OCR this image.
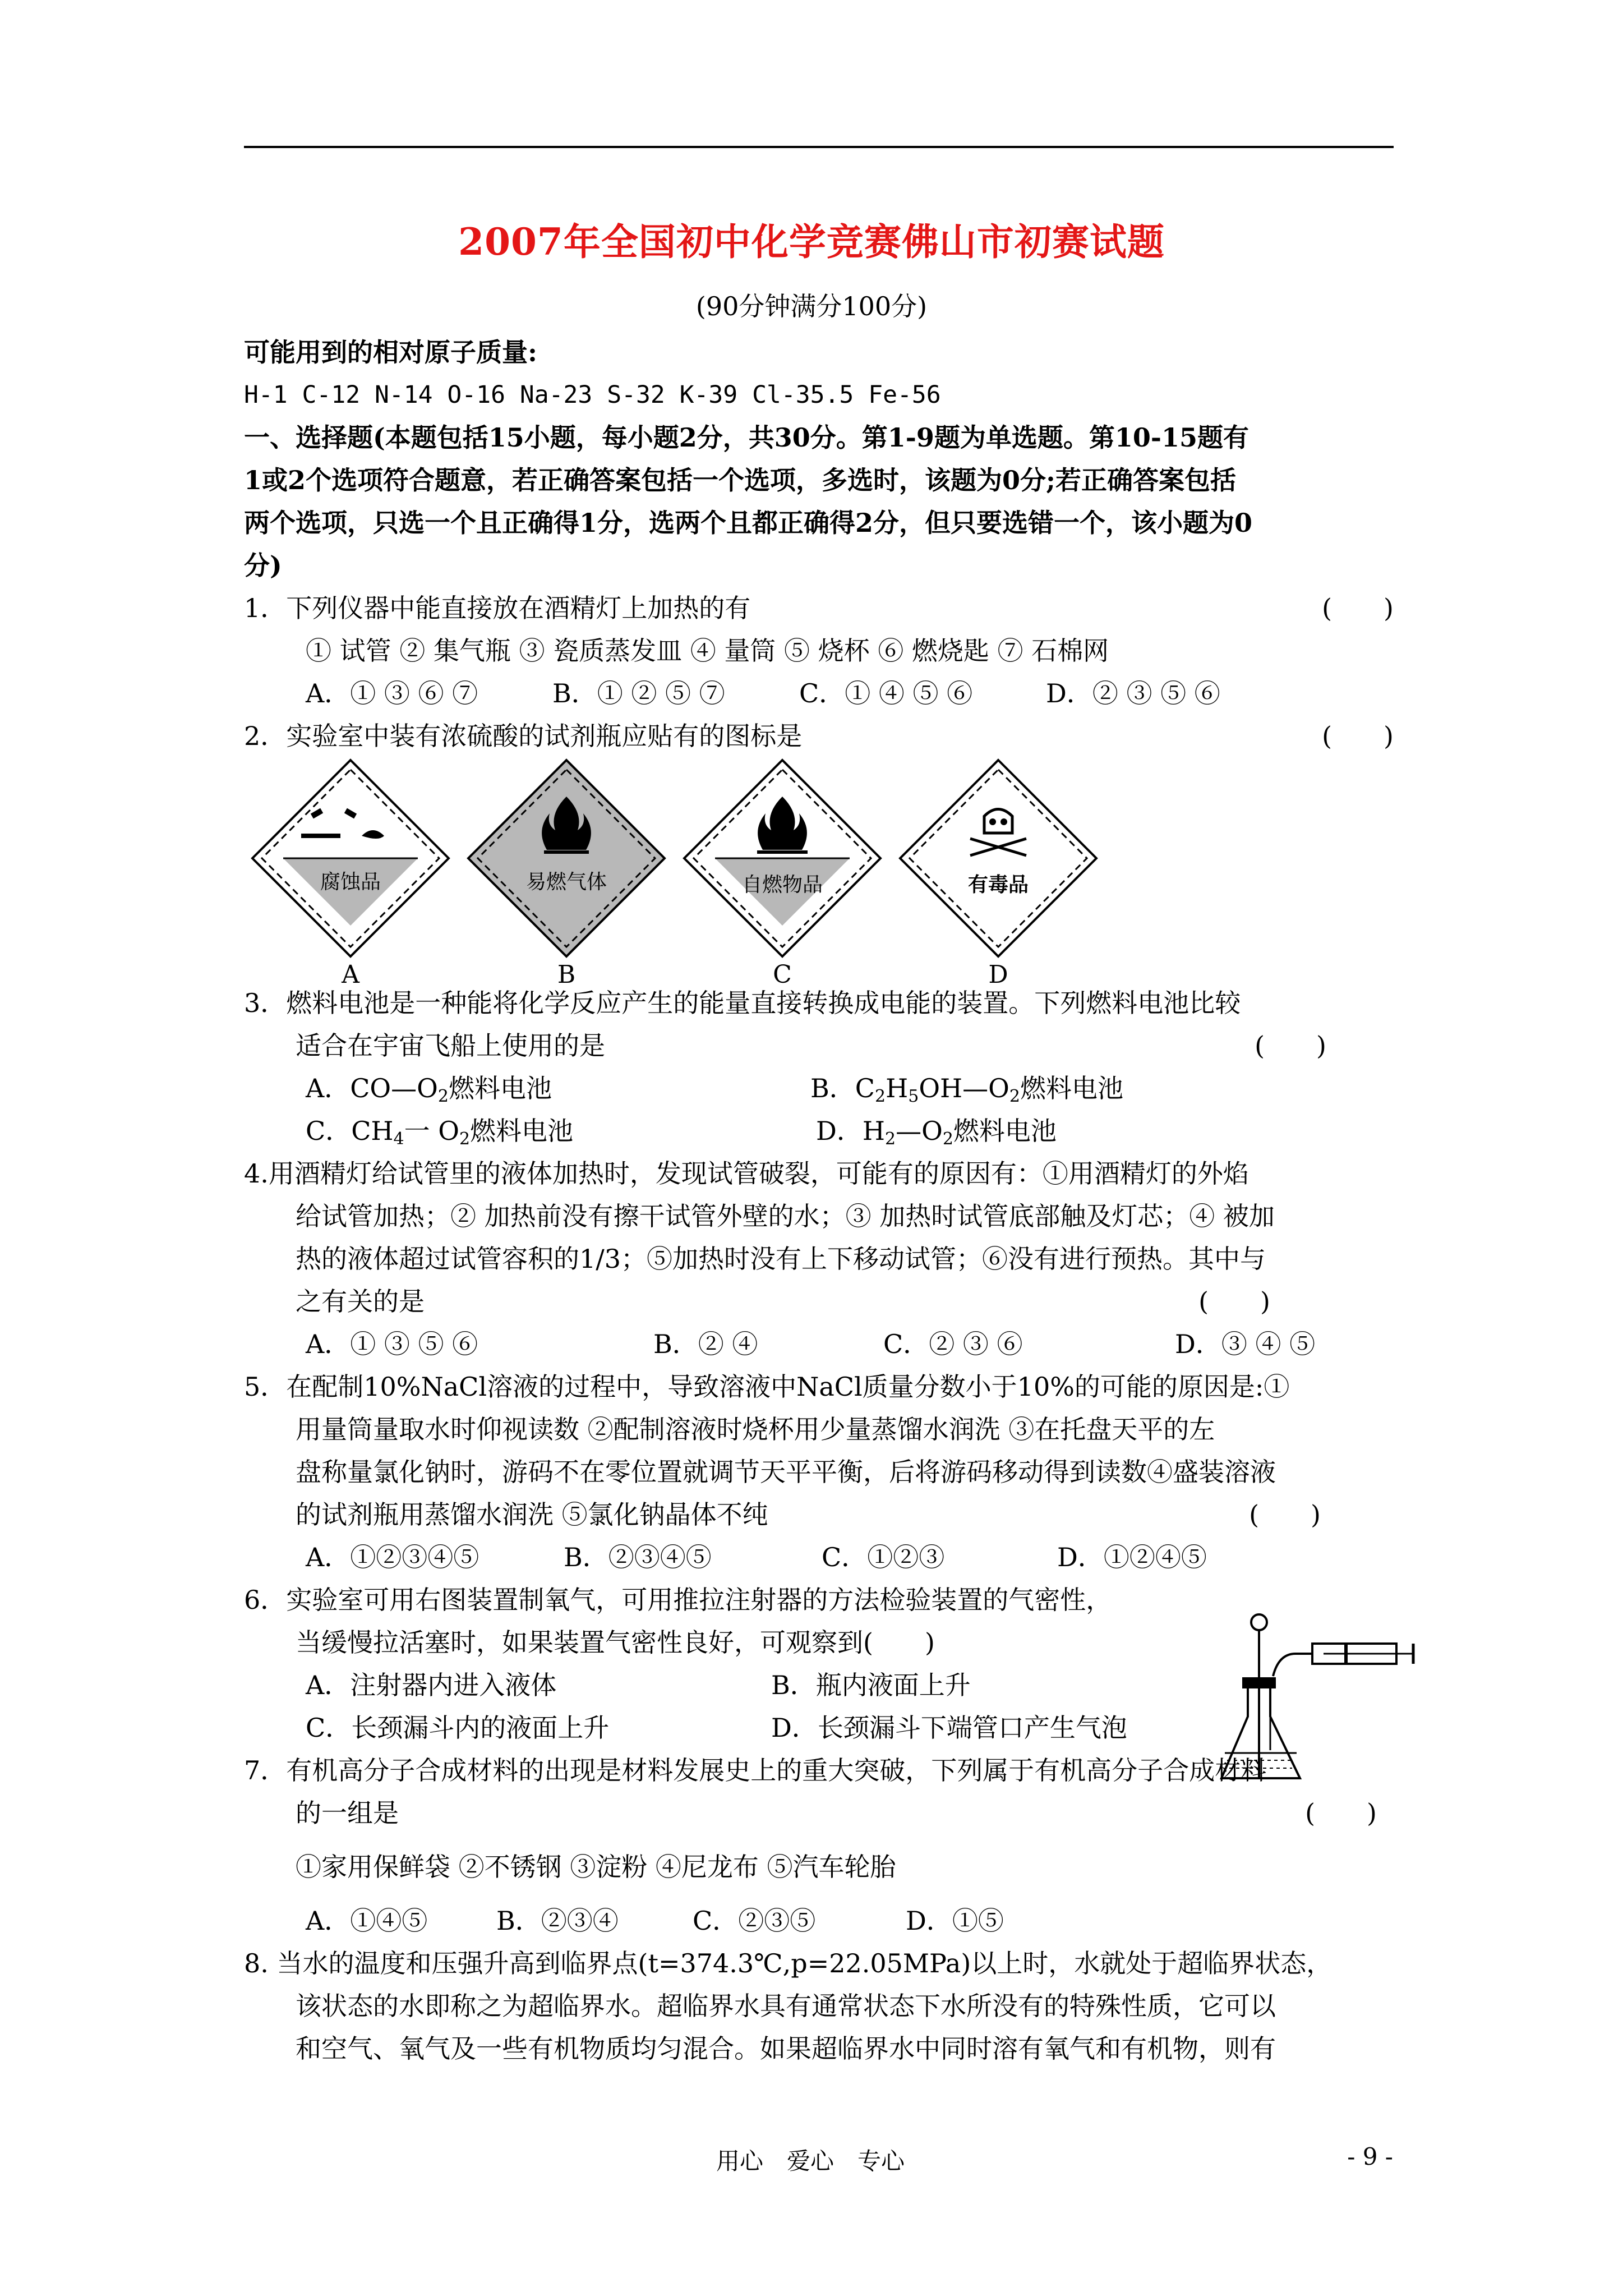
2007年全国初中化学竞赛佛山市初赛试题
(90分钟满分100分)

可能用到的相对原子质量:

H-1 C-12 N-14 O-16 Na-23 S-32 K-39 Cl-35.5 Fe-56

一、选择题(本题包括15小题，每小题2分，共30分。第1-9题为单选题。第10-15题有

1或2个选项符合题意，若正确答案包括一个选项，多选时，该题为0分;若正确答案包括

两个选项，只选一个且正确得1分，选两个且都正确得2分，但只要选错一个，该小题为0

分)

1．下列仪器中能直接放在酒精灯上加热的有	(　　)

① 试管 ② 集气瓶 ③ 瓷质蒸发皿 ④ 量筒 ⑤ 烧杯 ⑥ 燃烧匙 ⑦ 石棉网

A．① ③ ⑥ ⑦	B．① ② ⑤ ⑦	C．① ④ ⑤ ⑥	D．② ③ ⑤ ⑥
2．实验室中装有浓硫酸的试剂瓶应贴有的图标是	(　　)
腐蚀品
A
易燃气体
B
自燃物品
C
有毒品
D

3．燃料电池是一种能将化学反应产生的能量直接转换成电能的装置。下列燃料电池比较

适合在宇宙飞船上使用的是	(　　)
A．$CO—O_2$燃料电池	B．$C_2H_5OH—O_2$燃料电池
C．$CH_4$一 $O_2$燃料电池	D．$H_2—O_2$燃料电池

4.用酒精灯给试管里的液体加热时，发现试管破裂，可能有的原因有：①用酒精灯的外焰

给试管加热；② 加热前没有擦干试管外壁的水；③ 加热时试管底部触及灯芯；④ 被加

热的液体超过试管容积的1/3；⑤加热时没有上下移动试管；⑥没有进行预热。其中与

之有关的是	(　　)
A．① ③ ⑤ ⑥	B．② ④	C．② ③ ⑥	D．③ ④ ⑤

5．在配制10%NaCl溶液的过程中，导致溶液中NaCl质量分数小于10%的可能的原因是:①

用量筒量取水时仰视读数 ②配制溶液时烧杯用少量蒸馏水润洗 ③在托盘天平的左

盘称量氯化钠时，游码不在零位置就调节天平平衡，后将游码移动得到读数④盛装溶液

的试剂瓶用蒸馏水润洗 ⑤氯化钠晶体不纯	(　　)
A．①②③④⑤	B．②③④⑤	C．①②③	D．①②④⑤

6．实验室可用右图装置制氧气，可用推拉注射器的方法检验装置的气密性，

当缓慢拉活塞时，如果装置气密性良好，可观察到(　　)

A．注射器内进入液体	B．瓶内液面上升
C．长颈漏斗内的液面上升	D．长颈漏斗下端管口产生气泡

7．有机高分子合成材料的出现是材料发展史上的重大突破，下列属于有机高分子合成材料

的一组是	(　　)

①家用保鲜袋 ②不锈钢 ③淀粉 ④尼龙布 ⑤汽车轮胎

A．①④⑤	B．②③④	C．②③⑤	D．①⑤

8. 当水的温度和压强升高到临界点(t=374.3℃,p=22.05MPa)以上时，水就处于超临界状态，

该状态的水即称之为超临界水。超临界水具有通常状态下水所没有的特殊性质，它可以

和空气、氧气及一些有机物质均匀混合。如果超临界水中同时溶有氧气和有机物，则有

用心　爱心　专心	- 9 -
